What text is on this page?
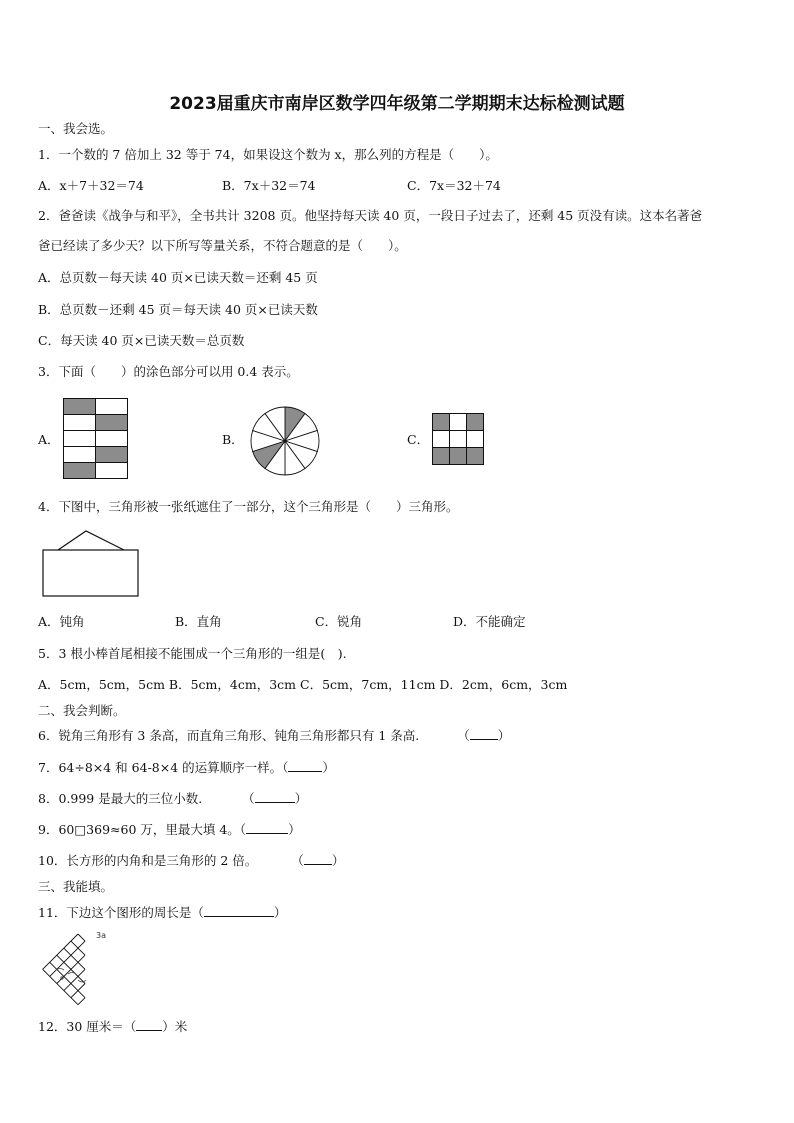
2023届重庆市南岸区数学四年级第二学期期末达标检测试题
一、我会选。
1．一个数的 7 倍加上 32 等于 74，如果设这个数为 x，那么列的方程是（　　）。
A．x＋7＋32＝74	B．7x＋32＝74	C．7x＝32＋74
2．爸爸读《战争与和平》，全书共计 3208 页。他坚持每天读 40 页，一段日子过去了，还剩 45 页没有读。这本名著爸
爸已经读了多少天？以下所写等量关系，不符合题意的是（　　）。
A．总页数－每天读 40 页×已读天数＝还剩 45 页
B．总页数－还剩 45 页＝每天读 40 页×已读天数
C．每天读 40 页×已读天数＝总页数
3．下面（　　）的涂色部分可以用 0.4 表示。
A．	B．	C．
4．下图中，三角形被一张纸遮住了一部分，这个三角形是（　　）三角形。
A．钝角	B．直角	C．锐角	D．不能确定
5．3 根小棒首尾相接不能围成一个三角形的一组是(　).
A．5cm，5cm，5cm B．5cm，4cm，3cm C．5cm，7cm，11cm D．2cm，6cm，3cm
二、我会判断。
6．锐角三角形有 3 条高，而直角三角形、钝角三角形都只有 1 条高.	（ ）
7．64÷8×4 和 64-8×4 的运算顺序一样。（	）
8．0.999 是最大的三位小数.	（	）
9．60□369≈60 万，里最大填 4。（	）
10．长方形的内角和是三角形的 2 倍。	（ ）
三、我能填。
11．下边这个图形的周长是（	）
3a
12．30 厘米＝（ ）米
